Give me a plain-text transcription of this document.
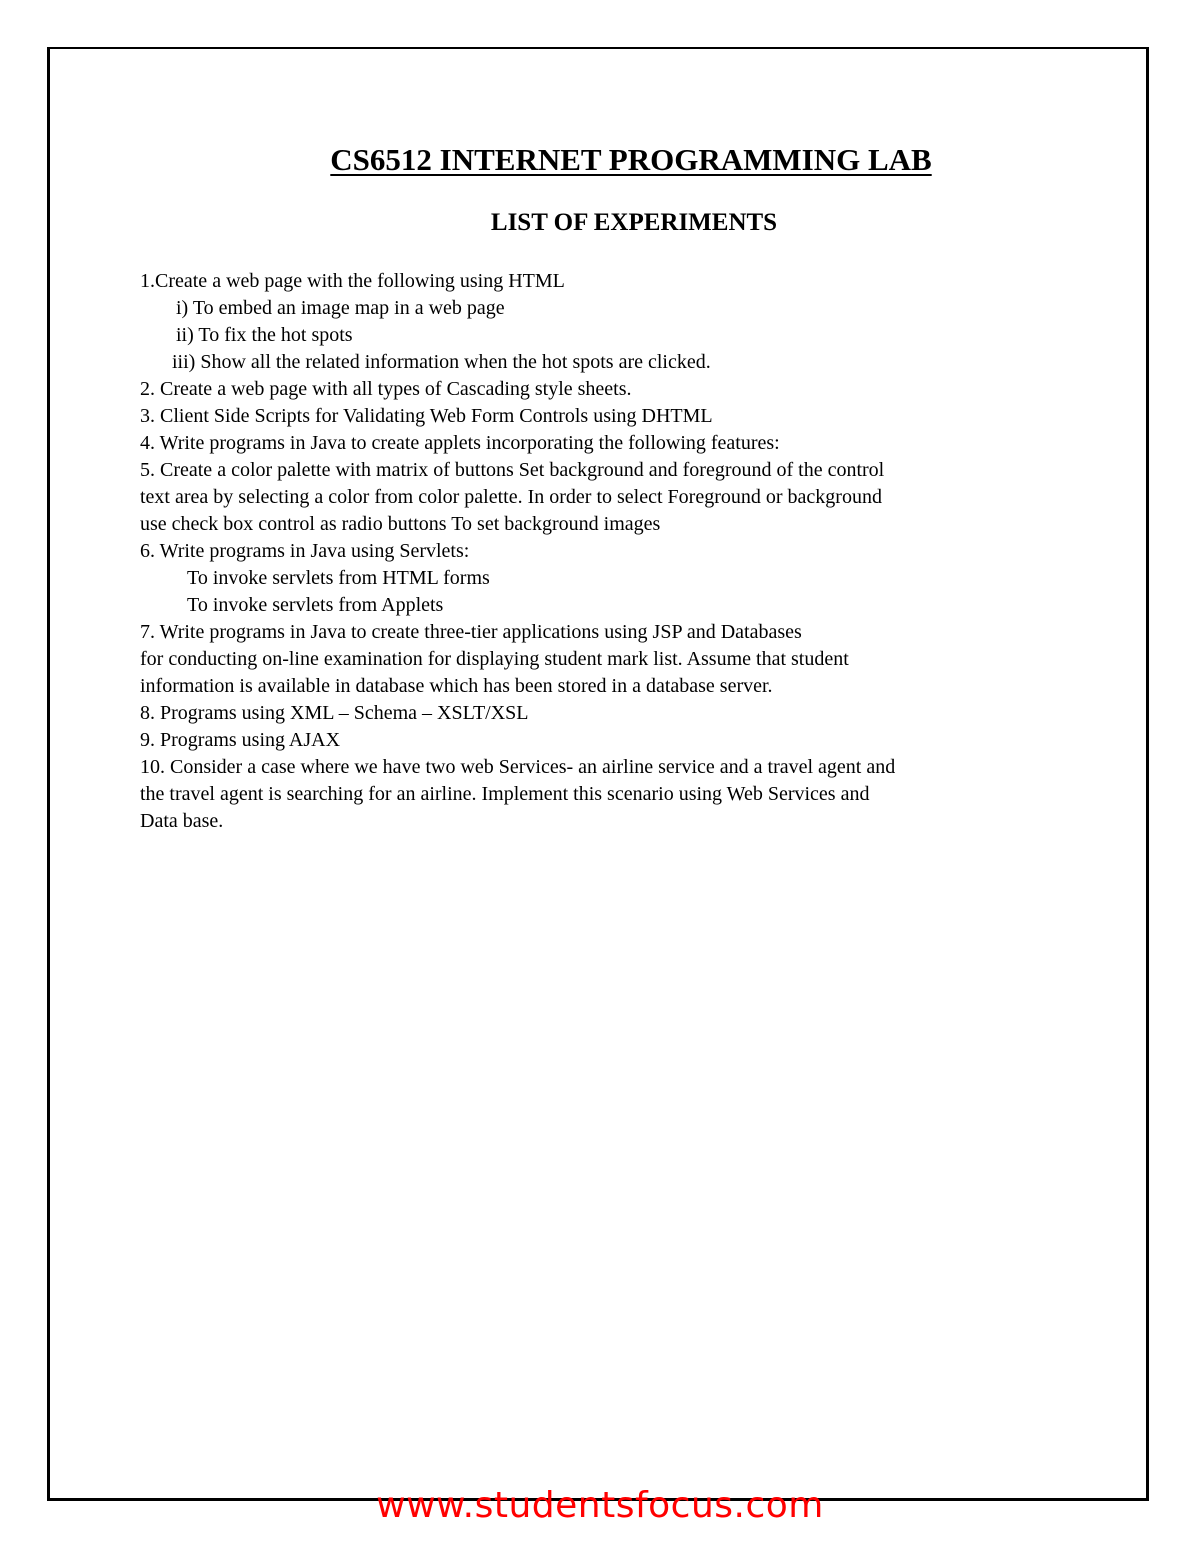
CS6512 INTERNET PROGRAMMING LAB
LIST OF EXPERIMENTS
1.Create a web page with the following using HTML
i) To embed an image map in a web page
ii) To fix the hot spots
iii) Show all the related information when the hot spots are clicked.
2. Create a web page with all types of Cascading style sheets.
3. Client Side Scripts for Validating Web Form Controls using DHTML
4. Write programs in Java to create applets incorporating the following features:
5. Create a color palette with matrix of buttons Set background and foreground of the control
text area by selecting a color from color palette. In order to select Foreground or background
use check box control as radio buttons To set background images
6. Write programs in Java using Servlets:
To invoke servlets from HTML forms
To invoke servlets from Applets
7. Write programs in Java to create three-tier applications using JSP and Databases
for conducting on-line examination for displaying student mark list. Assume that student
information is available in database which has been stored in a database server.
8. Programs using XML – Schema – XSLT/XSL
9. Programs using AJAX
10. Consider a case where we have two web Services- an airline service and a travel agent and
the travel agent is searching for an airline. Implement this scenario using Web Services and
Data base.
www.studentsfocus.com
